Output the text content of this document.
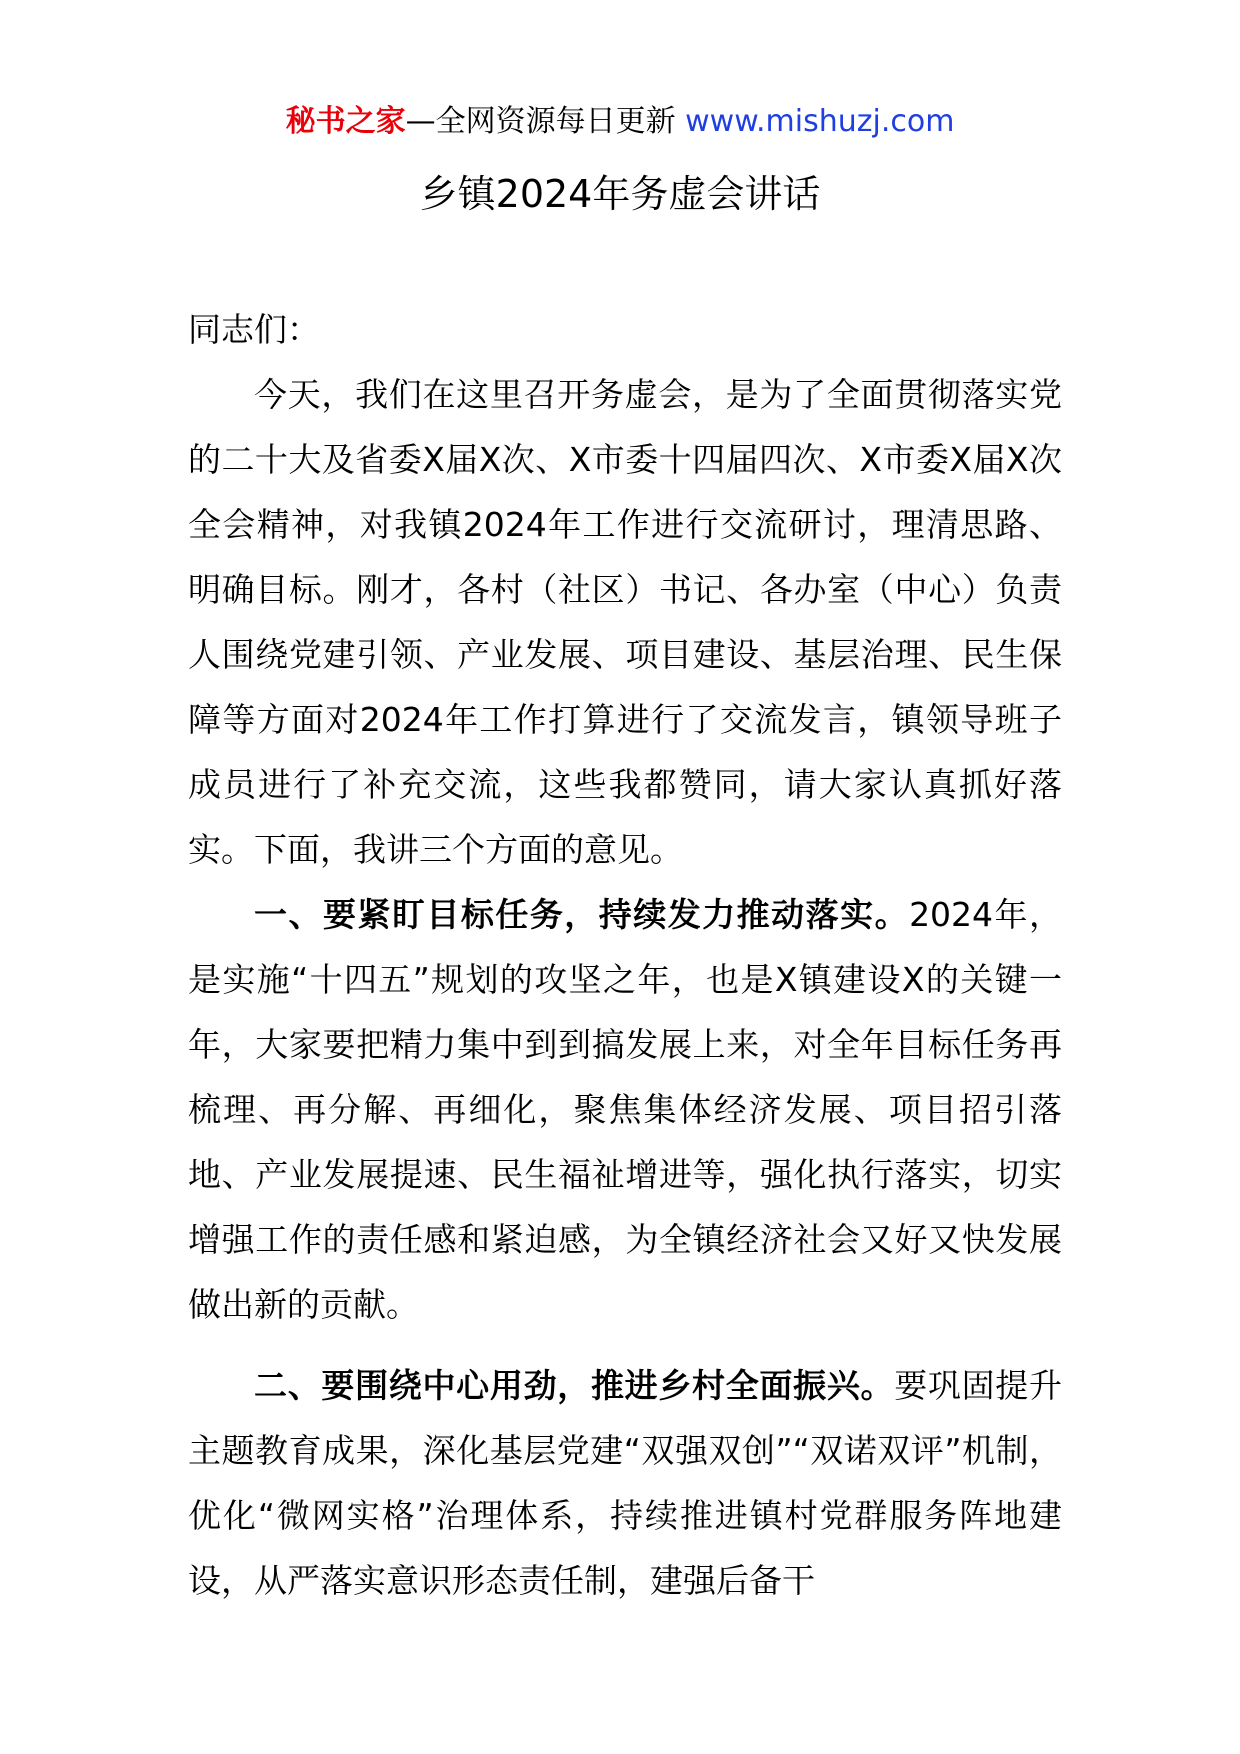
秘书之家—全网资源每日更新 www.mishuzj.com
乡镇2024年务虚会讲话

同志们：

今天，我们在这里召开务虚会，是为了全面贯彻落实党的二十大及省委X届X次、X市委十四届四次、X市委X届X次全会精神，对我镇2024年工作进行交流研讨，理清思路、明确目标。刚才，各村（社区）书记、各办室（中心）负责人围绕党建引领、产业发展、项目建设、基层治理、民生保障等方面对2024年工作打算进行了交流发言，镇领导班子成员进行了补充交流，这些我都赞同，请大家认真抓好落实。下面，我讲三个方面的意见。

一、要紧盯目标任务，持续发力推动落实。2024年，是实施“十四五”规划的攻坚之年，也是X镇建设X的关键一年，大家要把精力集中到到搞发展上来，对全年目标任务再梳理、再分解、再细化，聚焦集体经济发展、项目招引落地、产业发展提速、民生福祉增进等，强化执行落实，切实增强工作的责任感和紧迫感，为全镇经济社会又好又快发展做出新的贡献。

二、要围绕中心用劲，推进乡村全面振兴。要巩固提升主题教育成果，深化基层党建“双强双创”“双诺双评”机制，优化“微网实格”治理体系，持续推进镇村党群服务阵地建设，从严落实意识形态责任制，建强后备干
